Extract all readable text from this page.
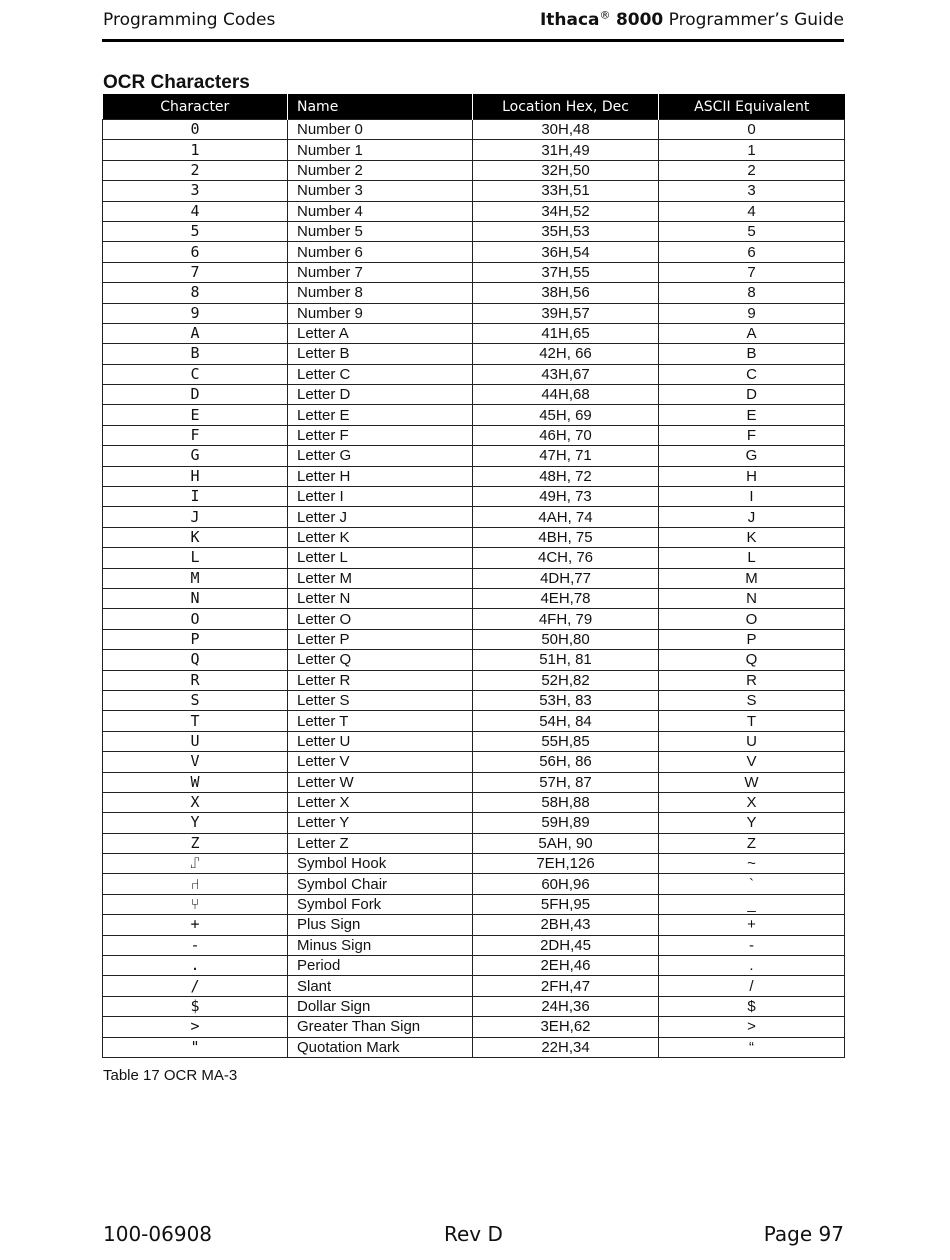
Programming Codes	Ithaca® 8000 Programmer’s Guide
OCR Characters
Character	Name	Location Hex, Dec	ASCII Equivalent
0	Number 0	30H,48	0
1	Number 1	31H,49	1
2	Number 2	32H,50	2
3	Number 3	33H,51	3
4	Number 4	34H,52	4
5	Number 5	35H,53	5
6	Number 6	36H,54	6
7	Number 7	37H,55	7
8	Number 8	38H,56	8
9	Number 9	39H,57	9
A	Letter A	41H,65	A
B	Letter B	42H, 66	B
C	Letter C	43H,67	C
D	Letter D	44H,68	D
E	Letter E	45H, 69	E
F	Letter F	46H, 70	F
G	Letter G	47H, 71	G
H	Letter H	48H, 72	H
I	Letter I	49H, 73	I
J	Letter J	4AH, 74	J
K	Letter K	4BH, 75	K
L	Letter L	4CH, 76	L
M	Letter M	4DH,77	M
N	Letter N	4EH,78	N
O	Letter O	4FH, 79	O
P	Letter P	50H,80	P
Q	Letter Q	51H, 81	Q
R	Letter R	52H,82	R
S	Letter S	53H, 83	S
T	Letter T	54H, 84	T
U	Letter U	55H,85	U
V	Letter V	56H, 86	V
W	Letter W	57H, 87	W
X	Letter X	58H,88	X
Y	Letter Y	59H,89	Y
Z	Letter Z	5AH, 90	Z
⑀	Symbol Hook	7EH,126	~
⑁	Symbol Chair	60H,96	`
⑂	Symbol Fork	5FH,95	_
+	Plus Sign	2BH,43	+
-	Minus Sign	2DH,45	-
.	Period	2EH,46	.
/	Slant	2FH,47	/
$	Dollar Sign	24H,36	$
>	Greater Than Sign	3EH,62	>
"	Quotation Mark	22H,34	“
Table 17 OCR MA-3
100-06908	Rev D	Page 97
